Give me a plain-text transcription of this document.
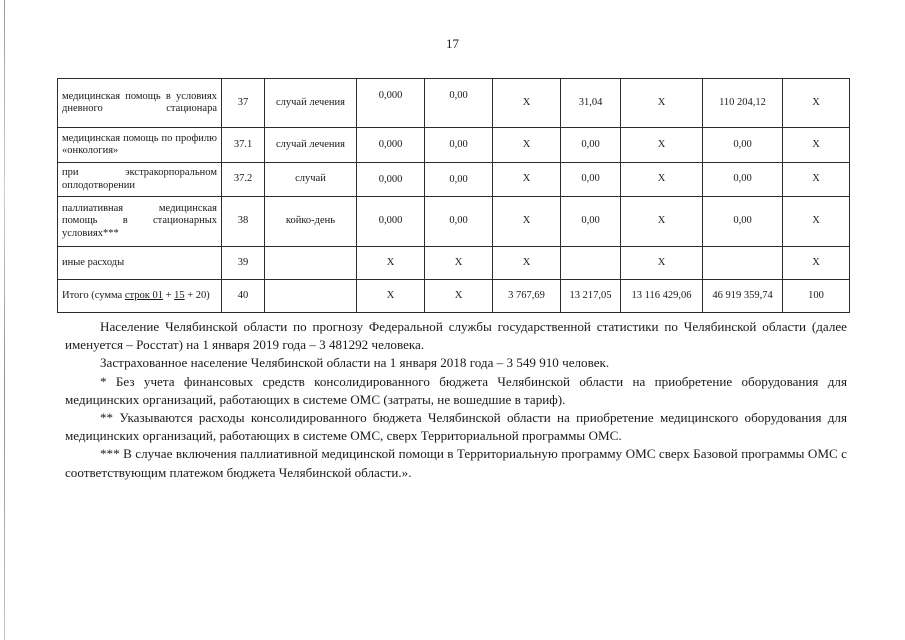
17
медицинская помощь в условиях дневного стационара	37	случай лечения	0,000	0,00	Х	31,04	Х	110 204,12	Х
медицинская помощь по профилю «онкология»	37.1	случай лечения	0,000	0,00	Х	0,00	Х	0,00	Х
при экстракорпоральном оплодотворении	37.2	случай	0,000	0,00	Х	0,00	Х	0,00	Х
паллиативная медицинская помощь в стационарных условиях***	38	койко-день	0,000	0,00	Х	0,00	Х	0,00	Х
иные расходы	39		Х	Х	Х		Х		Х
Итого (сумма строк 01 + 15 + 20)	40		Х	Х	3 767,69	13 217,05	13 116 429,06	46 919 359,74	100

Население Челябинской области по прогнозу Федеральной службы государственной статистики по Челябинской области (далее именуется – Росстат) на 1 января 2019 года – 3 481292 человека.

Застрахованное население Челябинской области на 1 января 2018 года – 3 549 910 человек.

* Без учета финансовых средств консолидированного бюджета Челябинской области на приобретение оборудования для медицинских организаций, работающих в системе ОМС (затраты, не вошедшие в тариф).

** Указываются расходы консолидированного бюджета Челябинской области на приобретение медицинского оборудования для медицинских организаций, работающих в системе ОМС, сверх Территориальной программы ОМС.

*** В случае включения паллиативной медицинской помощи в Территориальную программу ОМС сверх Базовой программы ОМС с соответствующим платежом бюджета Челябинской области.».
